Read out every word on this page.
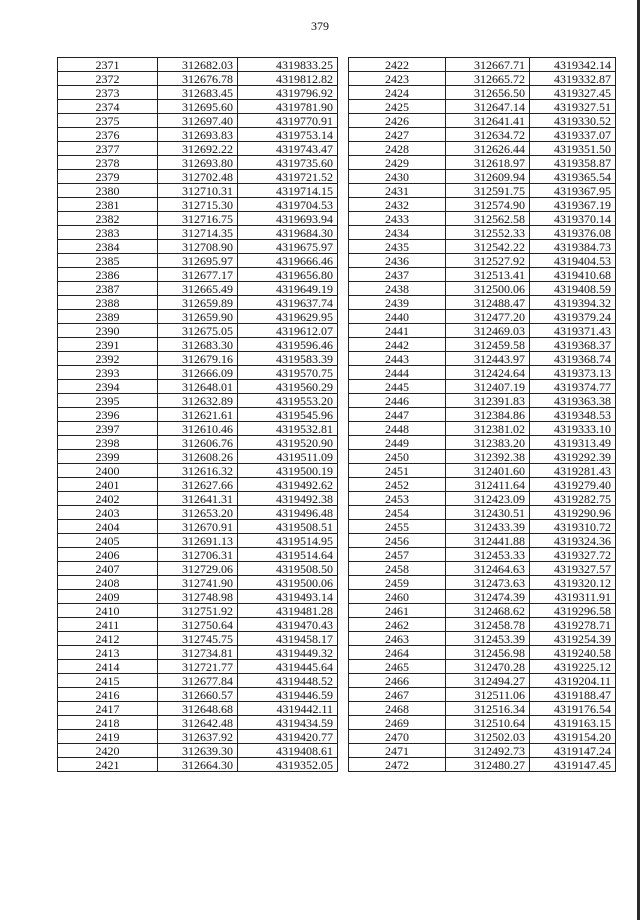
379
2371	312682.03	4319833.25
2372	312676.78	4319812.82
2373	312683.45	4319796.92
2374	312695.60	4319781.90
2375	312697.40	4319770.91
2376	312693.83	4319753.14
2377	312692.22	4319743.47
2378	312693.80	4319735.60
2379	312702.48	4319721.52
2380	312710.31	4319714.15
2381	312715.30	4319704.53
2382	312716.75	4319693.94
2383	312714.35	4319684.30
2384	312708.90	4319675.97
2385	312695.97	4319666.46
2386	312677.17	4319656.80
2387	312665.49	4319649.19
2388	312659.89	4319637.74
2389	312659.90	4319629.95
2390	312675.05	4319612.07
2391	312683.30	4319596.46
2392	312679.16	4319583.39
2393	312666.09	4319570.75
2394	312648.01	4319560.29
2395	312632.89	4319553.20
2396	312621.61	4319545.96
2397	312610.46	4319532.81
2398	312606.76	4319520.90
2399	312608.26	4319511.09
2400	312616.32	4319500.19
2401	312627.66	4319492.62
2402	312641.31	4319492.38
2403	312653.20	4319496.48
2404	312670.91	4319508.51
2405	312691.13	4319514.95
2406	312706.31	4319514.64
2407	312729.06	4319508.50
2408	312741.90	4319500.06
2409	312748.98	4319493.14
2410	312751.92	4319481.28
2411	312750.64	4319470.43
2412	312745.75	4319458.17
2413	312734.81	4319449.32
2414	312721.77	4319445.64
2415	312677.84	4319448.52
2416	312660.57	4319446.59
2417	312648.68	4319442.11
2418	312642.48	4319434.59
2419	312637.92	4319420.77
2420	312639.30	4319408.61
2421	312664.30	4319352.05
2422	312667.71	4319342.14
2423	312665.72	4319332.87
2424	312656.50	4319327.45
2425	312647.14	4319327.51
2426	312641.41	4319330.52
2427	312634.72	4319337.07
2428	312626.44	4319351.50
2429	312618.97	4319358.87
2430	312609.94	4319365.54
2431	312591.75	4319367.95
2432	312574.90	4319367.19
2433	312562.58	4319370.14
2434	312552.33	4319376.08
2435	312542.22	4319384.73
2436	312527.92	4319404.53
2437	312513.41	4319410.68
2438	312500.06	4319408.59
2439	312488.47	4319394.32
2440	312477.20	4319379.24
2441	312469.03	4319371.43
2442	312459.58	4319368.37
2443	312443.97	4319368.74
2444	312424.64	4319373.13
2445	312407.19	4319374.77
2446	312391.83	4319363.38
2447	312384.86	4319348.53
2448	312381.02	4319333.10
2449	312383.20	4319313.49
2450	312392.38	4319292.39
2451	312401.60	4319281.43
2452	312411.64	4319279.40
2453	312423.09	4319282.75
2454	312430.51	4319290.96
2455	312433.39	4319310.72
2456	312441.88	4319324.36
2457	312453.33	4319327.72
2458	312464.63	4319327.57
2459	312473.63	4319320.12
2460	312474.39	4319311.91
2461	312468.62	4319296.58
2462	312458.78	4319278.71
2463	312453.39	4319254.39
2464	312456.98	4319240.58
2465	312470.28	4319225.12
2466	312494.27	4319204.11
2467	312511.06	4319188.47
2468	312516.34	4319176.54
2469	312510.64	4319163.15
2470	312502.03	4319154.20
2471	312492.73	4319147.24
2472	312480.27	4319147.45
